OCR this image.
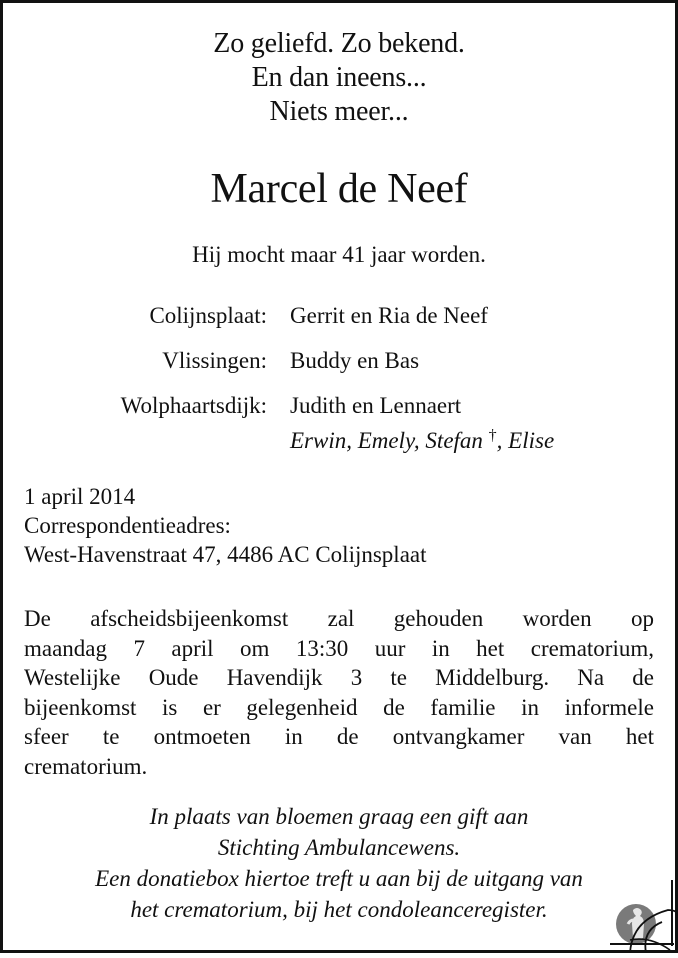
Zo geliefd. Zo bekend.
En dan ineens...
Niets meer...
Marcel de Neef
Hij mocht maar 41 jaar worden.
Colijnsplaat: Gerrit en Ria de Neef
Vlissingen: Buddy en Bas
Wolphaartsdijk: Judith en Lennaert
Erwin, Emely, Stefan †, Elise
1 april 2014
Correspondentieadres:
West-Havenstraat 47, 4486 AC Colijnsplaat
De afscheidsbijeenkomst zal gehouden worden op
maandag 7 april om 13:30 uur in het crematorium,
Westelijke Oude Havendijk 3 te Middelburg. Na de
bijeenkomst is er gelegenheid de familie in informele
sfeer te ontmoeten in de ontvangkamer van het
crematorium.
In plaats van bloemen graag een gift aan
Stichting Ambulancewens.
Een donatiebox hiertoe treft u aan bij de uitgang van
het crematorium, bij het condoleanceregister.
